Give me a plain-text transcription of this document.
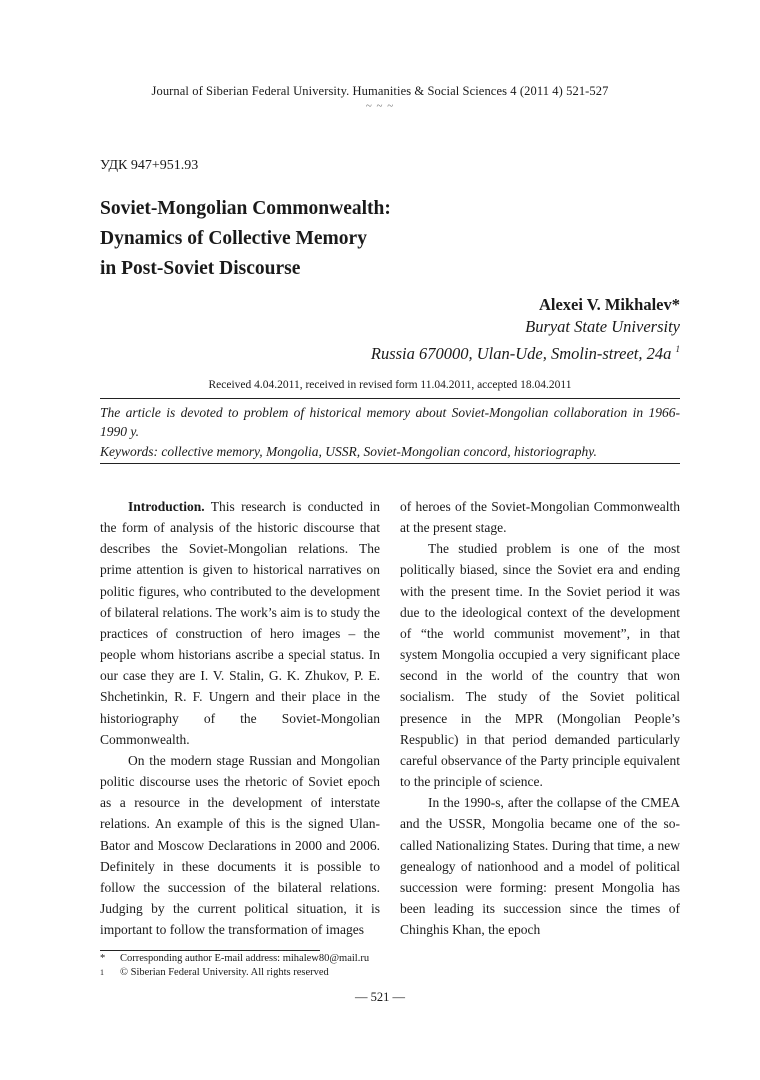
Journal of Siberian Federal University. Humanities & Social Sciences 4 (2011 4) 521-527
~ ~ ~
УДК 947+951.93
Soviet-Mongolian Commonwealth:
Dynamics of Collective Memory
in Post-Soviet Discourse
Alexei V. Mikhalev*
Buryat State University
Russia 670000, Ulan-Ude, Smolin-street, 24a $^1$
Received 4.04.2011, received in revised form 11.04.2011, accepted 18.04.2011
The article is devoted to problem of historical memory about Soviet-Mongolian collaboration in 1966-1990 y.
Keywords: collective memory, Mongolia, USSR, Soviet-Mongolian concord, historiography.

Introduction. This research is conducted in the form of analysis of the historic discourse that describes the Soviet-Mongolian relations. The prime attention is given to historical narratives on politic figures, who contributed to the development of bilateral relations. The work’s aim is to study the practices of construction of hero images – the people whom historians ascribe a special status. In our case they are I. V. Stalin, G. K. Zhukov, P. E. Shchetinkin, R. F. Ungern and their place in the historiography of the Soviet-Mongolian Commonwealth.

On the modern stage Russian and Mongolian politic discourse uses the rhetoric of Soviet epoch as a resource in the development of interstate relations. An example of this is the signed Ulan-Bator and Moscow Declarations in 2000 and 2006. Definitely in these documents it is possible to follow the succession of the bilateral relations. Judging by the current political situation, it is important to follow the transformation of images

of heroes of the Soviet-Mongolian Commonwealth at the present stage.

The studied problem is one of the most politically biased, since the Soviet era and ending with the present time. In the Soviet period it was due to the ideological context of the development of “the world communist movement”, in that system Mongolia occupied a very significant place second in the world of the country that won socialism. The study of the Soviet political presence in the MPR (Mongolian People’s Respublic) in that period demanded particularly careful observance of the Party principle equivalent to the principle of science.

In the 1990-s, after the collapse of the CMEA and the USSR, Mongolia became one of the so-called Nationalizing States. During that time, a new genealogy of nationhood and a model of political succession were forming: present Mongolia has been leading its succession since the times of Chinghis Khan, the epoch

*	Corresponding author E-mail address: mihalew80@mail.ru
1	© Siberian Federal University. All rights reserved
— 521 —
